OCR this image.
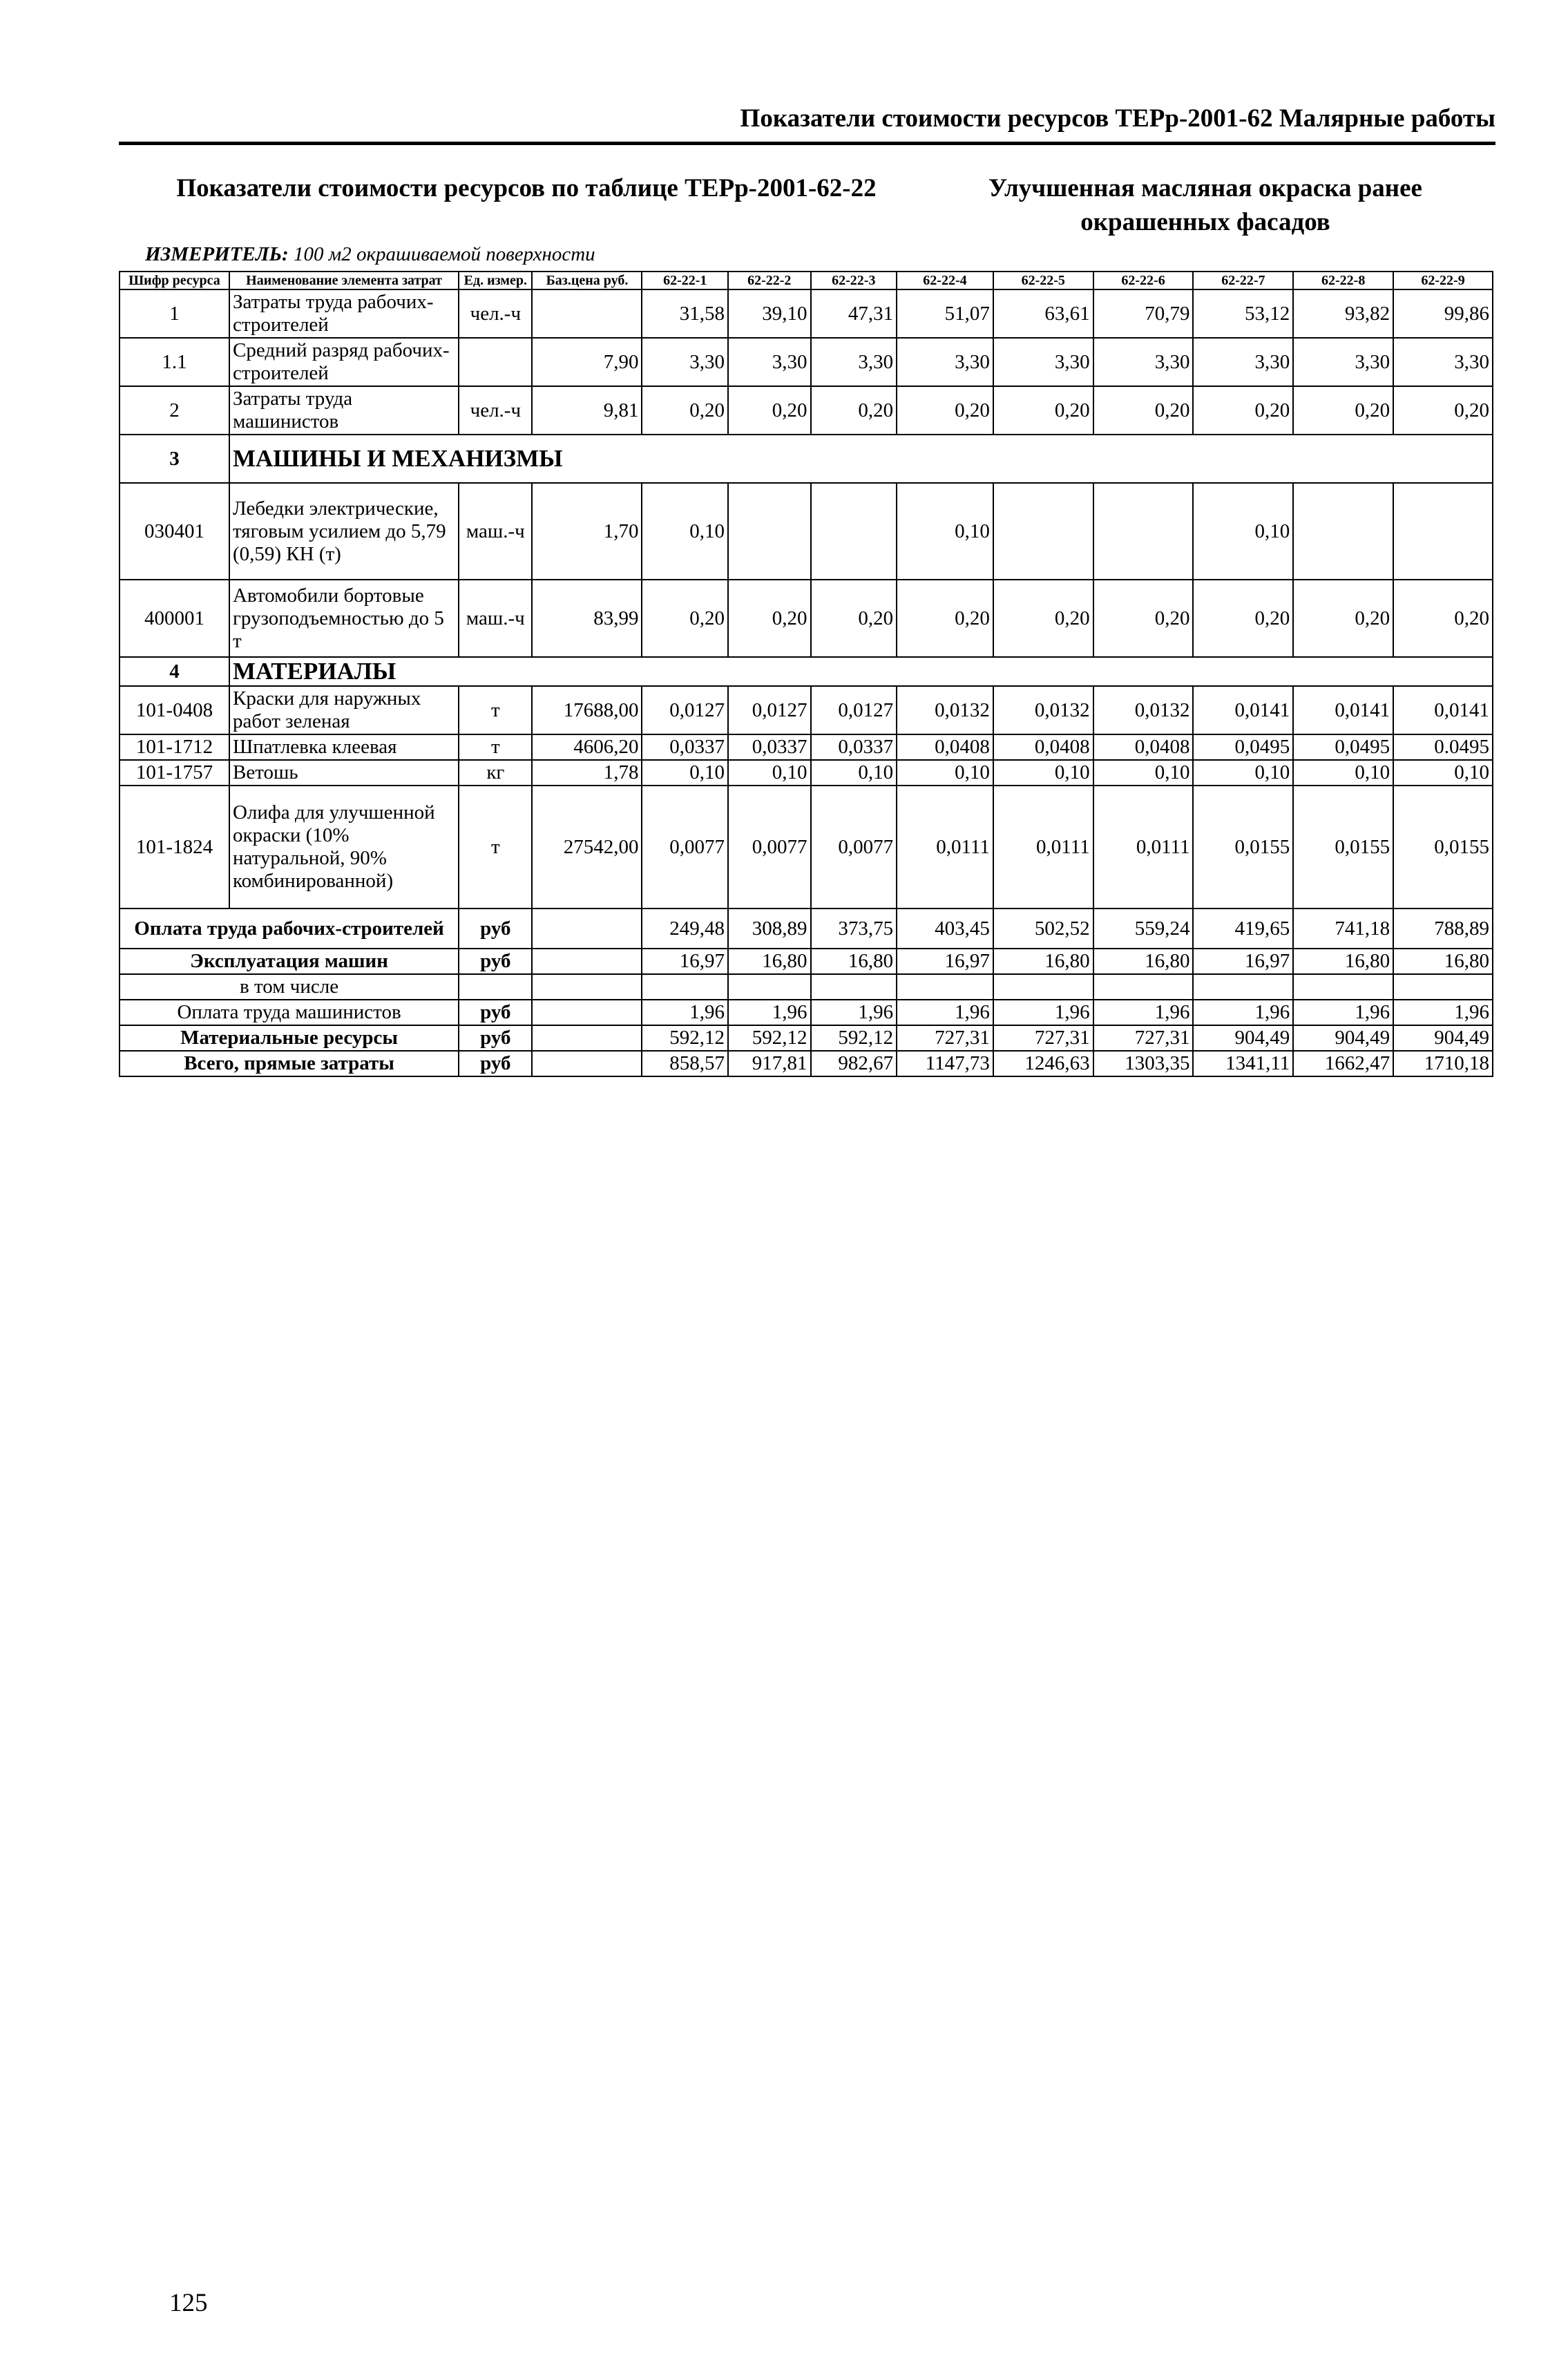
Показатели стоимости ресурсов ТЕРр-2001-62 Малярные работы
Показатели стоимости ресурсов по таблице ТЕРр-2001-62-22	Улучшенная масляная окраска ранее окрашенных фасадов
ИЗМЕРИТЕЛЬ: 100 м2 окрашиваемой поверхности
Шифр ресурса	Наименование элемента затрат	Ед. измер.	Баз.цена руб.	62-22-1	62-22-2	62-22-3	62-22-4	62-22-5	62-22-6	62-22-7	62-22-8	62-22-9
1	Затраты труда рабочих-строителей	чел.-ч		31,58	39,10	47,31	51,07	63,61	70,79	53,12	93,82	99,86
1.1	Средний разряд рабочих-строителей		7,90	3,30	3,30	3,30	3,30	3,30	3,30	3,30	3,30	3,30
2	Затраты труда машинистов	чел.-ч	9,81	0,20	0,20	0,20	0,20	0,20	0,20	0,20	0,20	0,20
3	МАШИНЫ И МЕХАНИЗМЫ											
030401	Лебедки электрические, тяговым усилием до 5,79 (0,59) КН (т)	маш.-ч	1,70	0,10			0,10			0,10		
400001	Автомобили бортовые грузоподъемностью до 5 т	маш.-ч	83,99	0,20	0,20	0,20	0,20	0,20	0,20	0,20	0,20	0,20
4	МАТЕРИАЛЫ											
101-0408	Краски для наружных работ зеленая	т	17688,00	0,0127	0,0127	0,0127	0,0132	0,0132	0,0132	0,0141	0,0141	0,0141
101-1712	Шпатлевка клеевая	т	4606,20	0,0337	0,0337	0,0337	0,0408	0,0408	0,0408	0,0495	0,0495	0.0495
101-1757	Ветошь	кг	1,78	0,10	0,10	0,10	0,10	0,10	0,10	0,10	0,10	0,10
101-1824	Олифа для улучшенной окраски (10% натуральной, 90% комбинированной)	т	27542,00	0,0077	0,0077	0,0077	0,0111	0,0111	0,0111	0,0155	0,0155	0,0155
Оплата труда рабочих-строителей		руб		249,48	308,89	373,75	403,45	502,52	559,24	419,65	741,18	788,89
Эксплуатация машин		руб		16,97	16,80	16,80	16,97	16,80	16,80	16,97	16,80	16,80
в том числе												
Оплата труда машинистов		руб		1,96	1,96	1,96	1,96	1,96	1,96	1,96	1,96	1,96
Материальные ресурсы		руб		592,12	592,12	592,12	727,31	727,31	727,31	904,49	904,49	904,49
Всего, прямые затраты		руб		858,57	917,81	982,67	1147,73	1246,63	1303,35	1341,11	1662,47	1710,18
125
